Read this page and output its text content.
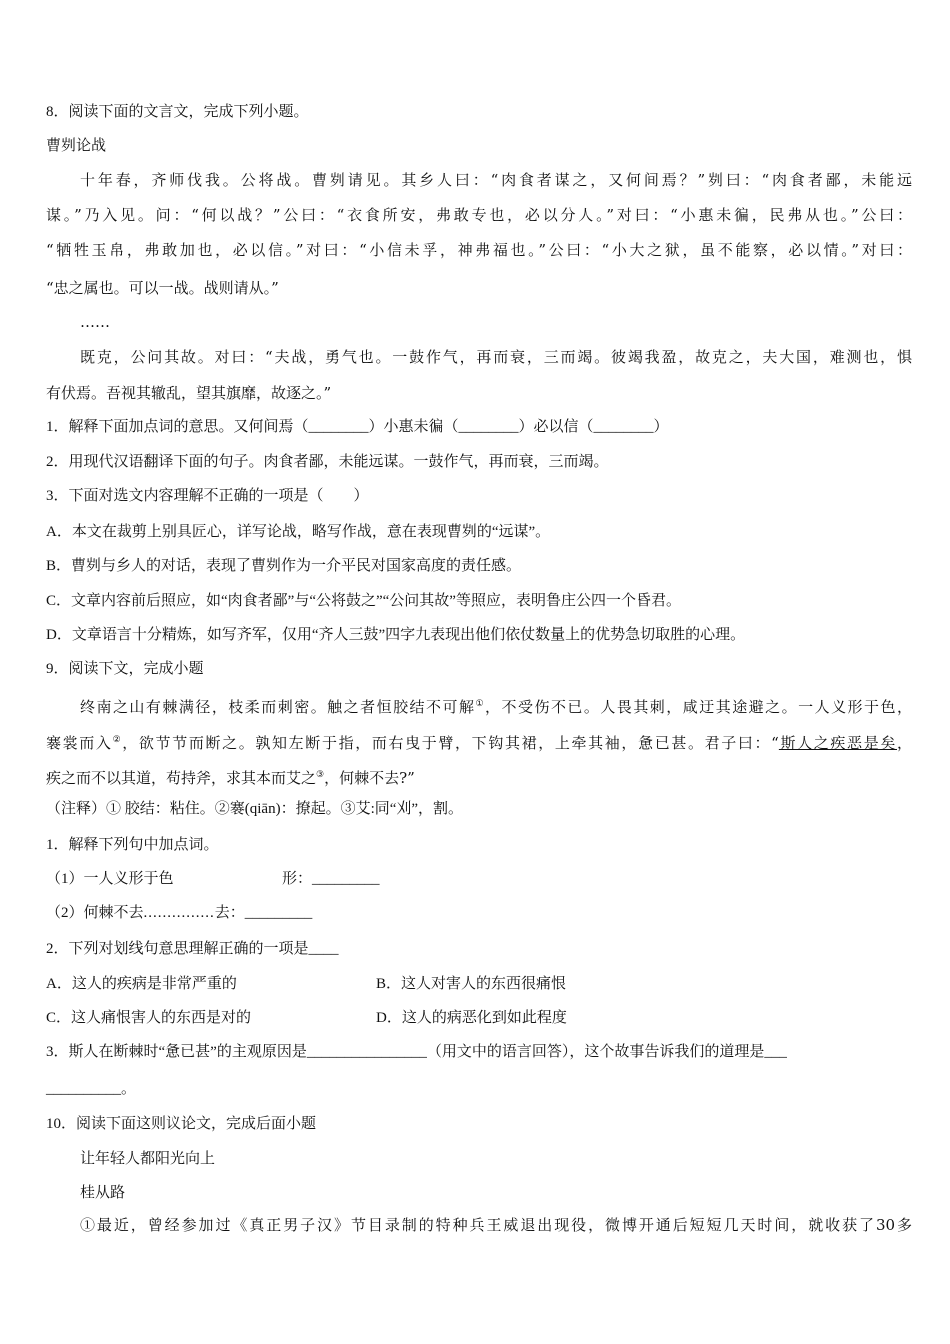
8．阅读下面的文言文，完成下列小题。
曹刿论战
十年春，齐师伐我。公将战。曹刿请见。其乡人曰：“肉食者谋之，又何间焉？”刿曰：“肉食者鄙，未能远
谋。”乃入见。问：“何以战？”公曰：“衣食所安，弗敢专也，必以分人。”对曰：“小惠未徧，民弗从也。”公曰：
“牺牲玉帛，弗敢加也，必以信。”对曰：“小信未孚，神弗福也。”公曰：“小大之狱，虽不能察，必以情。”对曰：
“忠之属也。可以一战。战则请从。”
……
既克，公问其故。对曰：“夫战，勇气也。一鼓作气，再而衰，三而竭。彼竭我盈，故克之，夫大国，难测也，惧
有伏焉。吾视其辙乱，望其旗靡，故逐之。”
1．解释下面加点词的意思。又何间焉（________）小惠未徧（________）必以信（________）
2．用现代汉语翻译下面的句子。肉食者鄙，未能远谋。一鼓作气，再而衰，三而竭。
3．下面对选文内容理解不正确的一项是（　　）
A．本文在裁剪上别具匠心，详写论战，略写作战，意在表现曹刿的“远谋”。
B．曹刿与乡人的对话，表现了曹刿作为一介平民对国家高度的责任感。
C．文章内容前后照应，如“肉食者鄙”与“公将鼓之”“公问其故”等照应，表明鲁庄公四一个昏君。
D．文章语言十分精炼，如写齐军，仅用“齐人三鼓”四字九表现出他们依仗数量上的优势急切取胜的心理。
9．阅读下文，完成小题
终南之山有棘满径，枝柔而刺密。触之者恒胶结不可解①，不受伤不已。人畏其刺，咸迂其途避之。一人义形于色，
褰裳而入②，欲节节而断之。孰知左断于指，而右曳于臂，下钩其裙，上牵其袖，惫已甚。君子曰：“斯人之疾恶是矣，
疾之而不以其道，苟持斧，求其本而艾之③，何棘不去?”
（注释）① 胶结：粘住。②褰(qiān)：撩起。③艾:同“刈”，割。
1．解释下列句中加点词。
（1）一人义形于色	形：_________
（2）何棘不去...............去：_________
2．下列对划线句意思理解正确的一项是____
A．这人的疾病是非常严重的	B．这人对害人的东西很痛恨
C．这人痛恨害人的东西是对的	D．这人的病恶化到如此程度
3．斯人在断棘时“惫已甚”的主观原因是________________（用文中的语言回答），这个故事告诉我们的道理是___
__________。
10．阅读下面这则议论文，完成后面小题
让年轻人都阳光向上
桂从路
①最近，曾经参加过《真正男子汉》节目录制的特种兵王威退出现役，微博开通后短短几天时间，就收获了30多
